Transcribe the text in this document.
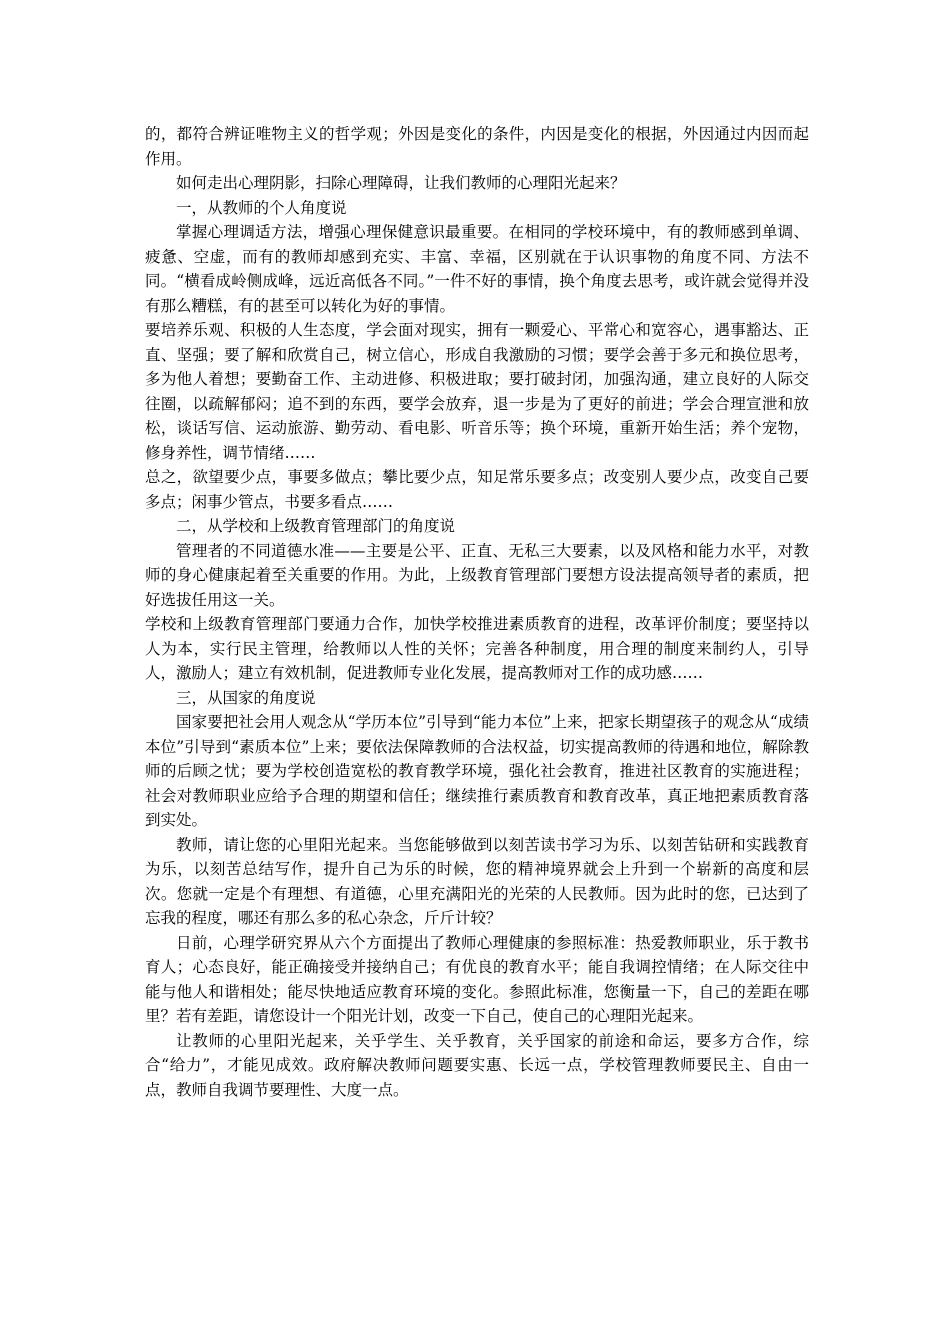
的，都符合辨证唯物主义的哲学观；外因是变化的条件，内因是变化的根据，外因通过内因而起作用。

如何走出心理阴影，扫除心理障碍，让我们教师的心理阳光起来？

一，从教师的个人角度说

掌握心理调适方法，增强心理保健意识最重要。在相同的学校环境中，有的教师感到单调、疲惫、空虚，而有的教师却感到充实、丰富、幸福，区别就在于认识事物的角度不同、方法不同。“横看成岭侧成峰，远近高低各不同。”一件不好的事情，换个角度去思考，或许就会觉得并没有那么糟糕，有的甚至可以转化为好的事情。

要培养乐观、积极的人生态度，学会面对现实，拥有一颗爱心、平常心和宽容心，遇事豁达、正直、坚强；要了解和欣赏自己，树立信心，形成自我激励的习惯；要学会善于多元和换位思考，多为他人着想；要勤奋工作、主动进修、积极进取；要打破封闭，加强沟通，建立良好的人际交往圈，以疏解郁闷；追不到的东西，要学会放弃，退一步是为了更好的前进；学会合理宣泄和放松，谈话写信、运动旅游、勤劳动、看电影、听音乐等；换个环境，重新开始生活；养个宠物，修身养性，调节情绪……

总之，欲望要少点，事要多做点；攀比要少点，知足常乐要多点；改变别人要少点，改变自己要多点；闲事少管点，书要多看点……

二，从学校和上级教育管理部门的角度说

管理者的不同道德水准——主要是公平、正直、无私三大要素，以及风格和能力水平，对教师的身心健康起着至关重要的作用。为此，上级教育管理部门要想方设法提高领导者的素质，把好选拔任用这一关。

学校和上级教育管理部门要通力合作，加快学校推进素质教育的进程，改革评价制度；要坚持以人为本，实行民主管理，给教师以人性的关怀；完善各种制度，用合理的制度来制约人，引导人，激励人；建立有效机制，促进教师专业化发展，提高教师对工作的成功感……

三，从国家的角度说

国家要把社会用人观念从“学历本位”引导到“能力本位”上来，把家长期望孩子的观念从“成绩本位”引导到“素质本位”上来；要依法保障教师的合法权益，切实提高教师的待遇和地位，解除教师的后顾之忧；要为学校创造宽松的教育教学环境，强化社会教育，推进社区教育的实施进程；社会对教师职业应给予合理的期望和信任；继续推行素质教育和教育改革，真正地把素质教育落到实处。

教师，请让您的心里阳光起来。当您能够做到以刻苦读书学习为乐、以刻苦钻研和实践教育为乐，以刻苦总结写作，提升自己为乐的时候，您的精神境界就会上升到一个崭新的高度和层次。您就一定是个有理想、有道德，心里充满阳光的光荣的人民教师。因为此时的您，已达到了忘我的程度，哪还有那么多的私心杂念，斤斤计较？

日前，心理学研究界从六个方面提出了教师心理健康的参照标准：热爱教师职业，乐于教书育人；心态良好，能正确接受并接纳自己；有优良的教育水平；能自我调控情绪；在人际交往中能与他人和谐相处；能尽快地适应教育环境的变化。参照此标准，您衡量一下，自己的差距在哪里？若有差距，请您设计一个阳光计划，改变一下自己，使自己的心理阳光起来。

让教师的心里阳光起来，关乎学生、关乎教育，关乎国家的前途和命运，要多方合作，综合“给力”，才能见成效。政府解决教师问题要实惠、长远一点，学校管理教师要民主、自由一点，教师自我调节要理性、大度一点。
